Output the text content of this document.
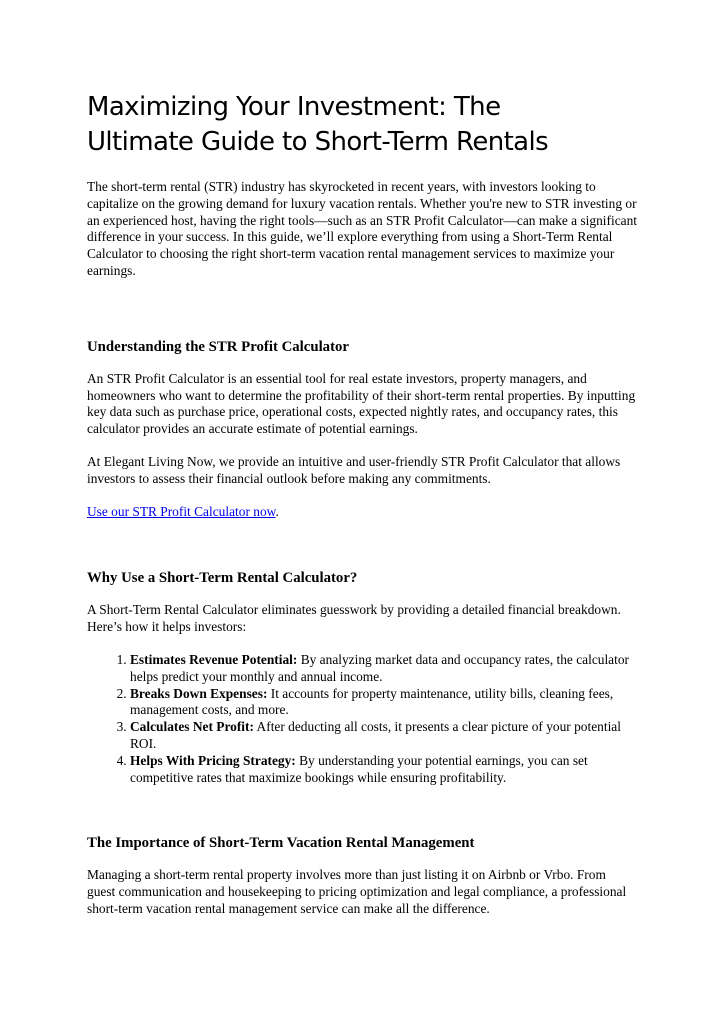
Maximizing Your Investment: The
Ultimate Guide to Short-Term Rentals

The short-term rental (STR) industry has skyrocketed in recent years, with investors looking to capitalize on the growing demand for luxury vacation rentals. Whether you're new to STR investing or an experienced host, having the right tools—such as an STR Profit Calculator—can make a significant difference in your success. In this guide, we’ll explore everything from using a Short-Term Rental Calculator to choosing the right short-term vacation rental management services to maximize your earnings.

Understanding the STR Profit Calculator

An STR Profit Calculator is an essential tool for real estate investors, property managers, and homeowners who want to determine the profitability of their short-term rental properties. By inputting key data such as purchase price, operational costs, expected nightly rates, and occupancy rates, this calculator provides an accurate estimate of potential earnings.

At Elegant Living Now, we provide an intuitive and user-friendly STR Profit Calculator that allows investors to assess their financial outlook before making any commitments.

Use our STR Profit Calculator now.

Why Use a Short-Term Rental Calculator?

A Short-Term Rental Calculator eliminates guesswork by providing a detailed financial breakdown. Here’s how it helps investors:

1. Estimates Revenue Potential: By analyzing market data and occupancy rates, the calculator helps predict your monthly and annual income.
2. Breaks Down Expenses: It accounts for property maintenance, utility bills, cleaning fees, management costs, and more.
3. Calculates Net Profit: After deducting all costs, it presents a clear picture of your potential ROI.
4. Helps With Pricing Strategy: By understanding your potential earnings, you can set competitive rates that maximize bookings while ensuring profitability.
The Importance of Short-Term Vacation Rental Management

Managing a short-term rental property involves more than just listing it on Airbnb or Vrbo. From guest communication and housekeeping to pricing optimization and legal compliance, a professional short-term vacation rental management service can make all the difference.
